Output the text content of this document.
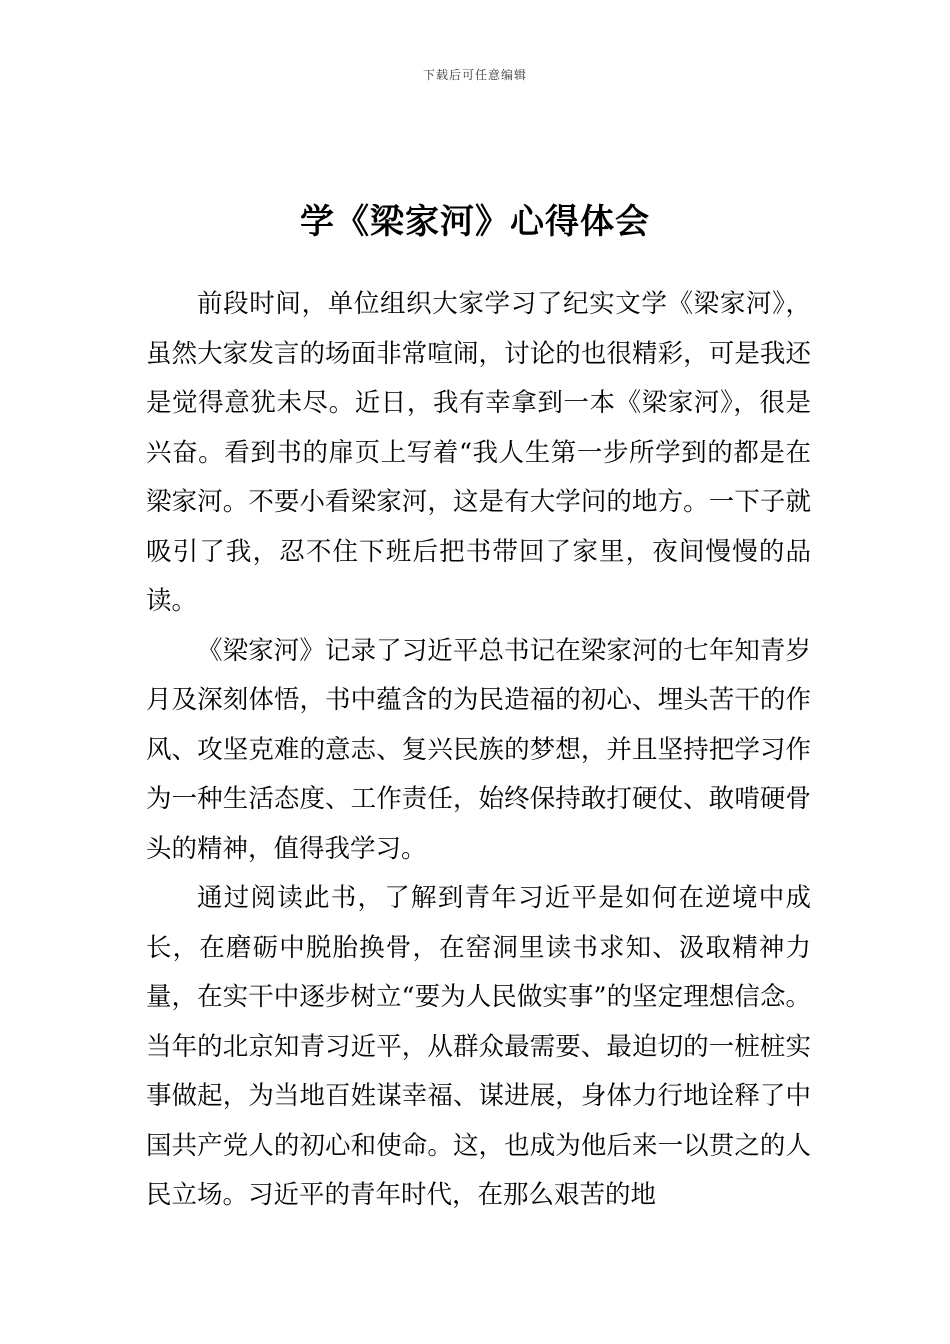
下载后可任意编辑
学《梁家河》心得体会

前段时间，单位组织大家学习了纪实文学《梁家河》，虽然大家发言的场面非常喧闹，讨论的也很精彩，可是我还是觉得意犹未尽。近日，我有幸拿到一本《梁家河》，很是兴奋。看到书的扉页上写着“我人生第一步所学到的都是在梁家河。不要小看梁家河，这是有大学问的地方。一下子就吸引了我，忍不住下班后把书带回了家里，夜间慢慢的品读。

《梁家河》记录了习近平总书记在梁家河的七年知青岁月及深刻体悟，书中蕴含的为民造福的初心、埋头苦干的作风、攻坚克难的意志、复兴民族的梦想，并且坚持把学习作为一种生活态度、工作责任，始终保持敢打硬仗、敢啃硬骨头的精神，值得我学习。

通过阅读此书，了解到青年习近平是如何在逆境中成长，在磨砺中脱胎换骨，在窑洞里读书求知、汲取精神力量，在实干中逐步树立“要为人民做实事”的坚定理想信念。当年的北京知青习近平，从群众最需要、最迫切的一桩桩实事做起，为当地百姓谋幸福、谋进展，身体力行地诠释了中国共产党人的初心和使命。这，也成为他后来一以贯之的人民立场。习近平的青年时代，在那么艰苦的地
